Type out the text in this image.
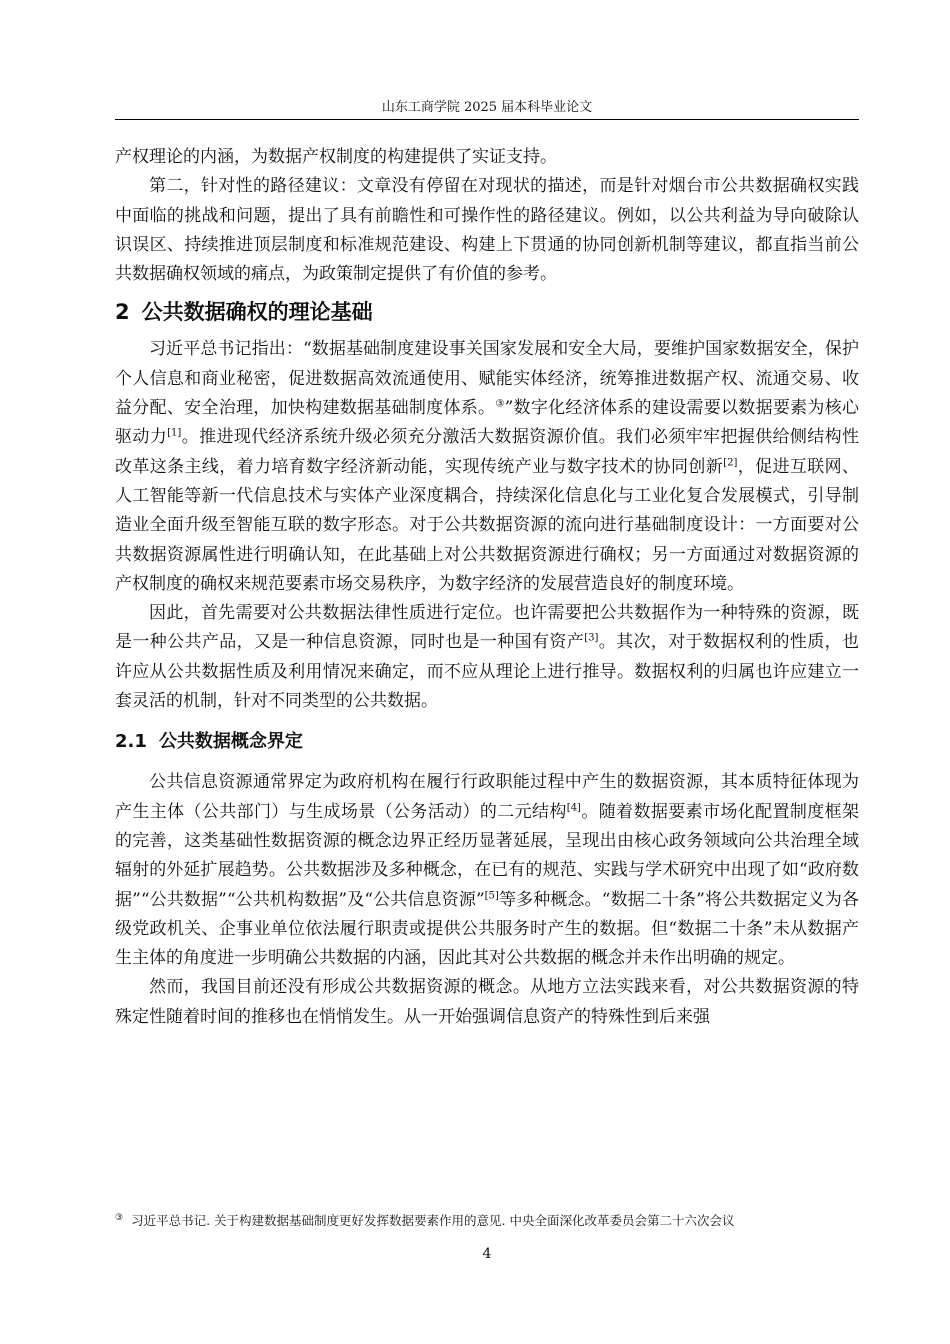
山东工商学院 2025 届本科毕业论文

产权理论的内涵，为数据产权制度的构建提供了实证支持。

第二，针对性的路径建议：文章没有停留在对现状的描述，而是针对烟台市公共数据确权实践中面临的挑战和问题，提出了具有前瞻性和可操作性的路径建议。例如，以公共利益为导向破除认识误区、持续推进顶层制度和标准规范建设、构建上下贯通的协同创新机制等建议，都直指当前公共数据确权领域的痛点，为政策制定提供了有价值的参考。

2 公共数据确权的理论基础

习近平总书记指出：“数据基础制度建设事关国家发展和安全大局，要维护国家数据安全，保护个人信息和商业秘密，促进数据高效流通使用、赋能实体经济，统筹推进数据产权、流通交易、收益分配、安全治理，加快构建数据基础制度体系。③”数字化经济体系的建设需要以数据要素为核心驱动力[1]。推进现代经济系统升级必须充分激活大数据资源价值。我们必须牢牢把握供给侧结构性改革这条主线，着力培育数字经济新动能，实现传统产业与数字技术的协同创新[2]，促进互联网、人工智能等新一代信息技术与实体产业深度耦合，持续深化信息化与工业化复合发展模式，引导制造业全面升级至智能互联的数字形态。对于公共数据资源的流向进行基础制度设计：一方面要对公共数据资源属性进行明确认知，在此基础上对公共数据资源进行确权；另一方面通过对数据资源的产权制度的确权来规范要素市场交易秩序，为数字经济的发展营造良好的制度环境。

因此，首先需要对公共数据法律性质进行定位。也许需要把公共数据作为一种特殊的资源，既是一种公共产品，又是一种信息资源，同时也是一种国有资产[3]。其次，对于数据权利的性质，也许应从公共数据性质及利用情况来确定，而不应从理论上进行推导。数据权利的归属也许应建立一套灵活的机制，针对不同类型的公共数据。

2.1 公共数据概念界定

公共信息资源通常界定为政府机构在履行行政职能过程中产生的数据资源，其本质特征体现为产生主体（公共部门）与生成场景（公务活动）的二元结构[4]。随着数据要素市场化配置制度框架的完善，这类基础性数据资源的概念边界正经历显著延展，呈现出由核心政务领域向公共治理全域辐射的外延扩展趋势。公共数据涉及多种概念，在已有的规范、实践与学术研究中出现了如“政府数据”“公共数据”“公共机构数据”及“公共信息资源”[5]等多种概念。“数据二十条”将公共数据定义为各级党政机关、企事业单位依法履行职责或提供公共服务时产生的数据。但“数据二十条”未从数据产生主体的角度进一步明确公共数据的内涵，因此其对公共数据的概念并未作出明确的规定。

然而，我国目前还没有形成公共数据资源的概念。从地方立法实践来看，对公共数据资源的特殊定性随着时间的推移也在悄悄发生。从一开始强调信息资产的特殊性到后来强

③ 习近平总书记. 关于构建数据基础制度更好发挥数据要素作用的意见. 中央全面深化改革委员会第二十六次会议
4
